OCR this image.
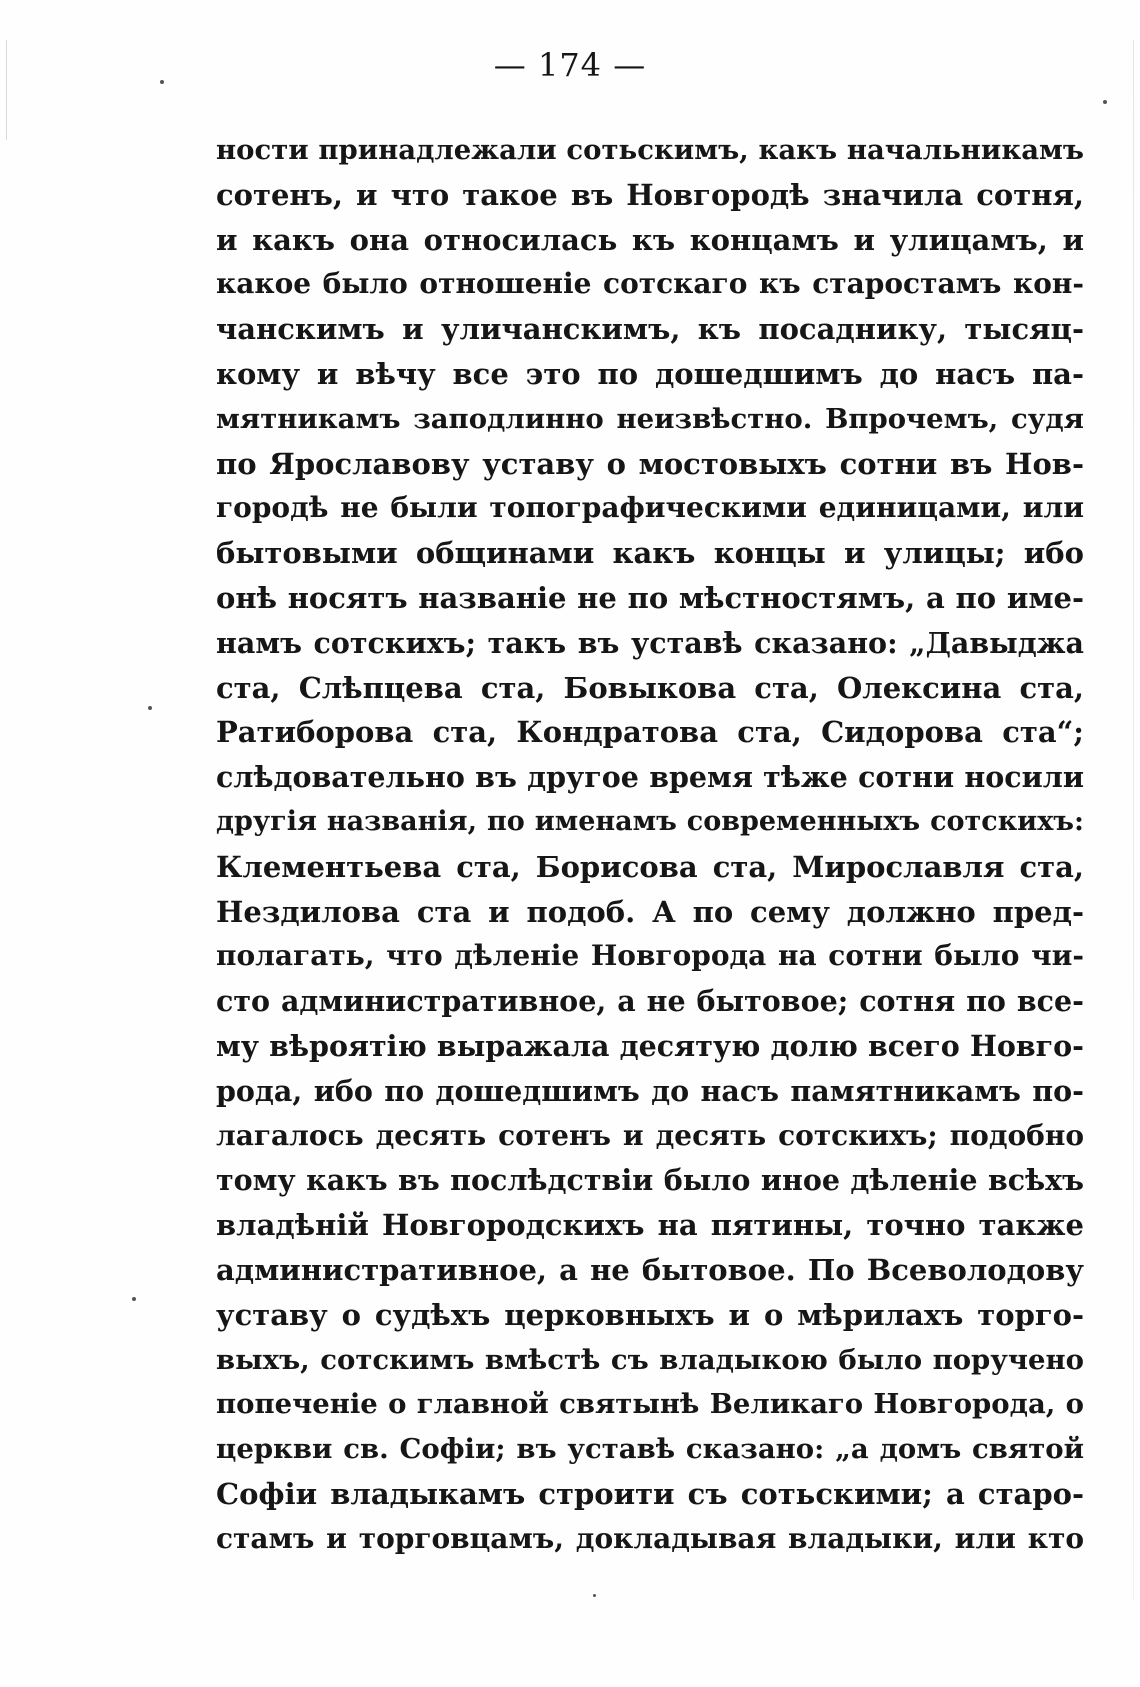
— 174 —
ности принадлежали сотьскимъ, какъ начальникамъ
сотенъ, и что такое въ Новгородѣ значила сотня,
и какъ она относилась къ концамъ и улицамъ, и
какое было отношеніе сотскаго къ старостамъ кон-
чанскимъ и уличанскимъ, къ посаднику, тысяц-
кому и вѣчу все это по дошедшимъ до насъ па-
мятникамъ заподлинно неизвѣстно. Впрочемъ, судя
по Ярославову уставу о мостовыхъ сотни въ Нов-
городѣ не были топографическими единицами, или
бытовыми общинами какъ концы и улицы; ибо
онѣ носятъ названіе не по мѣстностямъ, а по име-
намъ сотскихъ; такъ въ уставѣ сказано: „Давыджа
ста, Слѣпцева ста, Бовыкова ста, Олексина ста,
Ратиборова ста, Кондратова ста, Сидорова ста“;
слѣдовательно въ другое время тѣже сотни носили
другія названія, по именамъ современныхъ сотскихъ:
Клементьева ста, Борисова ста, Мирославля ста,
Нездилова ста и подоб. А по сему должно пред-
полагать, что дѣленіе Новгорода на сотни было чи-
сто административное, а не бытовое; сотня по все-
му вѣроятію выражала десятую долю всего Новго-
рода, ибо по дошедшимъ до насъ памятникамъ по-
лагалось десять сотенъ и десять сотскихъ; подобно
тому какъ въ послѣдствіи было иное дѣленіе всѣхъ
владѣній Новгородскихъ на пятины, точно также
административное, а не бытовое. По Всеволодову
уставу о судѣхъ церковныхъ и о мѣрилахъ торго-
выхъ, сотскимъ вмѣстѣ съ владыкою было поручено
попеченіе о главной святынѣ Великаго Новгорода, о
церкви св. Софіи; въ уставѣ сказано: „а домъ святой
Софіи владыкамъ строити съ сотьскими; а старо-
стамъ и торговцамъ, докладывая владыки, или кто
